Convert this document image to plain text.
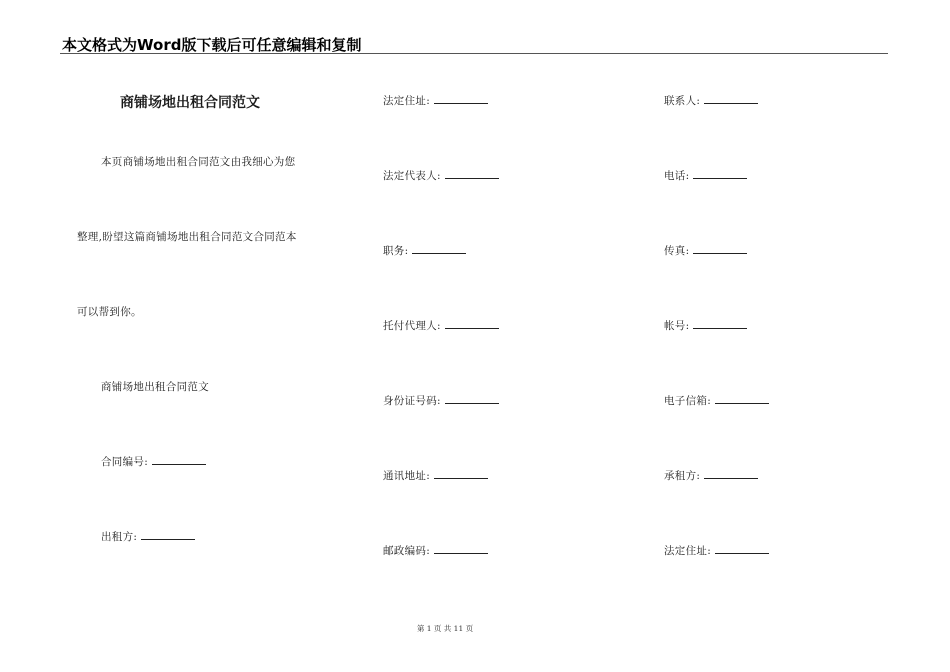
本文格式为Word版下载后可任意编辑和复制
商铺场地出租合同范文
本页商铺场地出租合同范文由我细心为您
整理,盼望这篇商铺场地出租合同范文合同范本
可以帮到你。
商铺场地出租合同范文
合同编号:
出租方:
法定住址:
法定代表人:
职务:
托付代理人:
身份证号码:
通讯地址:
邮政编码:
联系人:
电话:
传真:
帐号:
电子信箱:
承租方:
法定住址:
第 1 页 共 11 页
